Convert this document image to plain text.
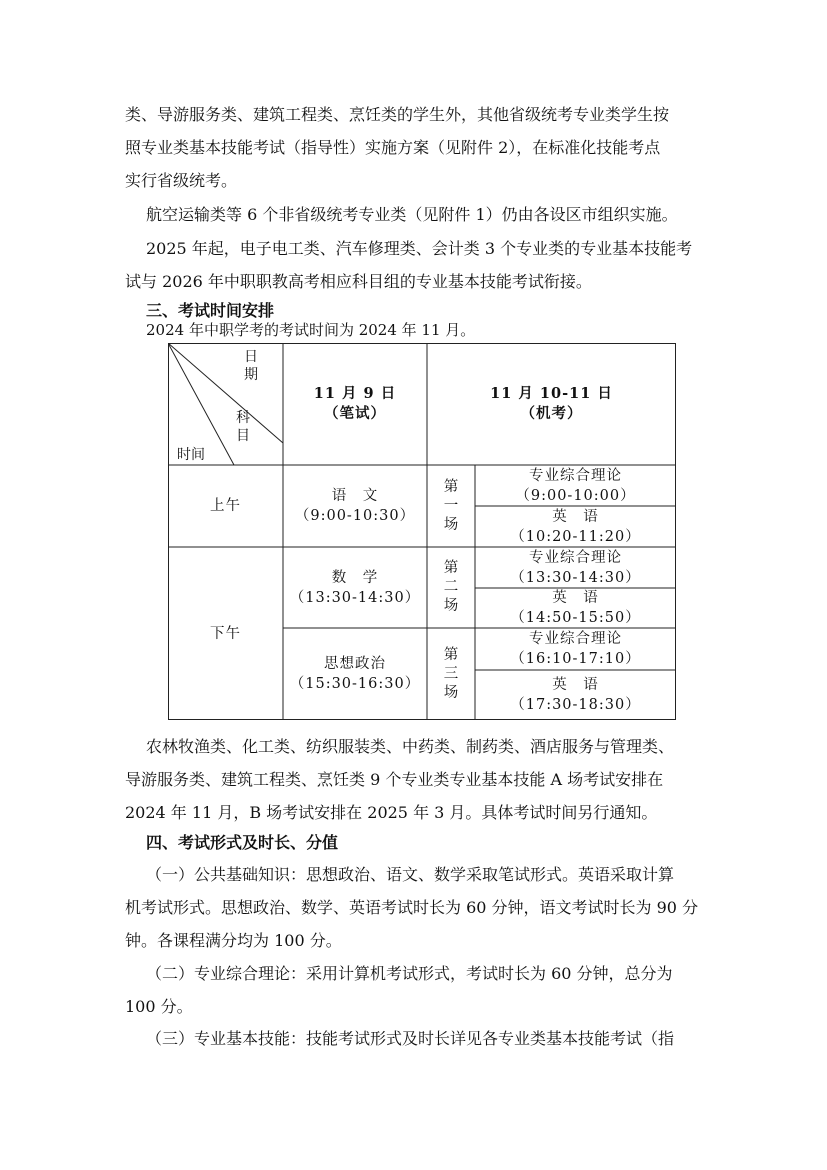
类、导游服务类、建筑工程类、烹饪类的学生外，其他省级统考专业类学生按

照专业类基本技能考试（指导性）实施方案（见附件 2），在标准化技能考点

实行省级统考。

航空运输类等 6 个非省级统考专业类（见附件 1）仍由各设区市组织实施。

2025 年起，电子电工类、汽车修理类、会计类 3 个专业类的专业基本技能考

试与 2026 年中职职教高考相应科目组的专业基本技能考试衔接。

三、考试时间安排

2024 年中职学考的考试时间为 2024 年 11 月。

日
期
科
目
时间
11 月 9 日
（笔试）
11 月 10-11 日
（机考）
上午
下午
语　文
（9:00-10:30）
数　学
（13:30-14:30）
思想政治
（15:30-16:30）
第
一
场
第
二
场
第
三
场
专业综合理论
（9:00-10:00）
英　语
（10:20-11:20）
专业综合理论
（13:30-14:30）
英　语
（14:50-15:50）
专业综合理论
（16:10-17:10）
英　语
（17:30-18:30）

农林牧渔类、化工类、纺织服装类、中药类、制药类、酒店服务与管理类、

导游服务类、建筑工程类、烹饪类 9 个专业类专业基本技能 A 场考试安排在

2024 年 11 月，B 场考试安排在 2025 年 3 月。具体考试时间另行通知。

四、考试形式及时长、分值

（一）公共基础知识：思想政治、语文、数学采取笔试形式。英语采取计算

机考试形式。思想政治、数学、英语考试时长为 60 分钟，语文考试时长为 90 分

钟。各课程满分均为 100 分。

（二）专业综合理论：采用计算机考试形式，考试时长为 60 分钟，总分为

100 分。

（三）专业基本技能：技能考试形式及时长详见各专业类基本技能考试（指
